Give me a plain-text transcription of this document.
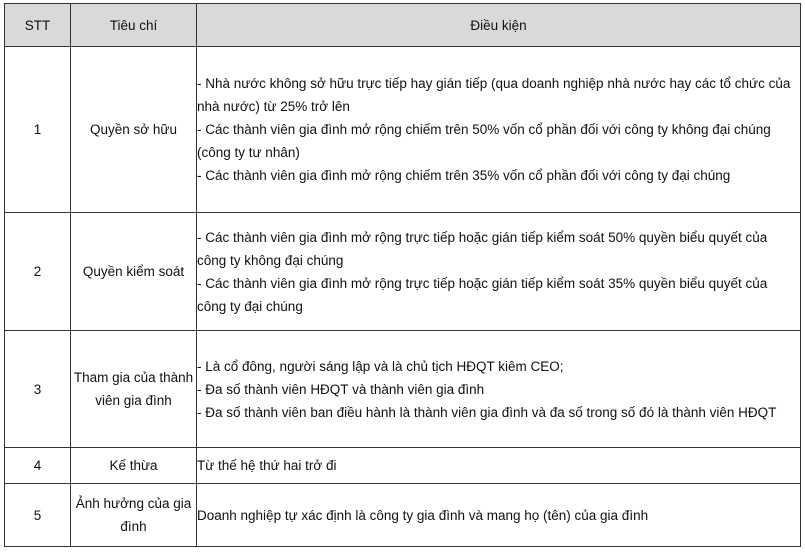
STT	Tiêu chí	Điều kiện
1	Quyền sở hữu	- Nhà nước không sở hữu trực tiếp hay gián tiếp (qua doanh nghiệp nhà nước hay các tổ chức của nhà nước) từ 25% trở lên
- Các thành viên gia đình mở rộng chiếm trên 50% vốn cổ phần đối với công ty không đại chúng (công ty tư nhân)
- Các thành viên gia đình mở rộng chiếm trên 35% vốn cổ phần đối với công ty đại chúng

2	Quyền kiểm soát	- Các thành viên gia đình mở rộng trực tiếp hoặc gián tiếp kiểm soát 50% quyền biểu quyết của công ty không đại chúng
- Các thành viên gia đình mở rộng trực tiếp hoặc gián tiếp kiểm soát 35% quyền biểu quyết của công ty đại chúng

3	Tham gia của thành viên gia đình	- Là cổ đông, người sáng lập và là chủ tịch HĐQT kiêm CEO;
- Đa số thành viên HĐQT và thành viên gia đình
- Đa số thành viên ban điều hành là thành viên gia đình và đa số trong số đó là thành viên HĐQT

4	Kế thừa	Từ thế hệ thứ hai trở đi

5	Ảnh hưởng của gia đình	Doanh nghiệp tự xác định là công ty gia đình và mang họ (tên) của gia đình
